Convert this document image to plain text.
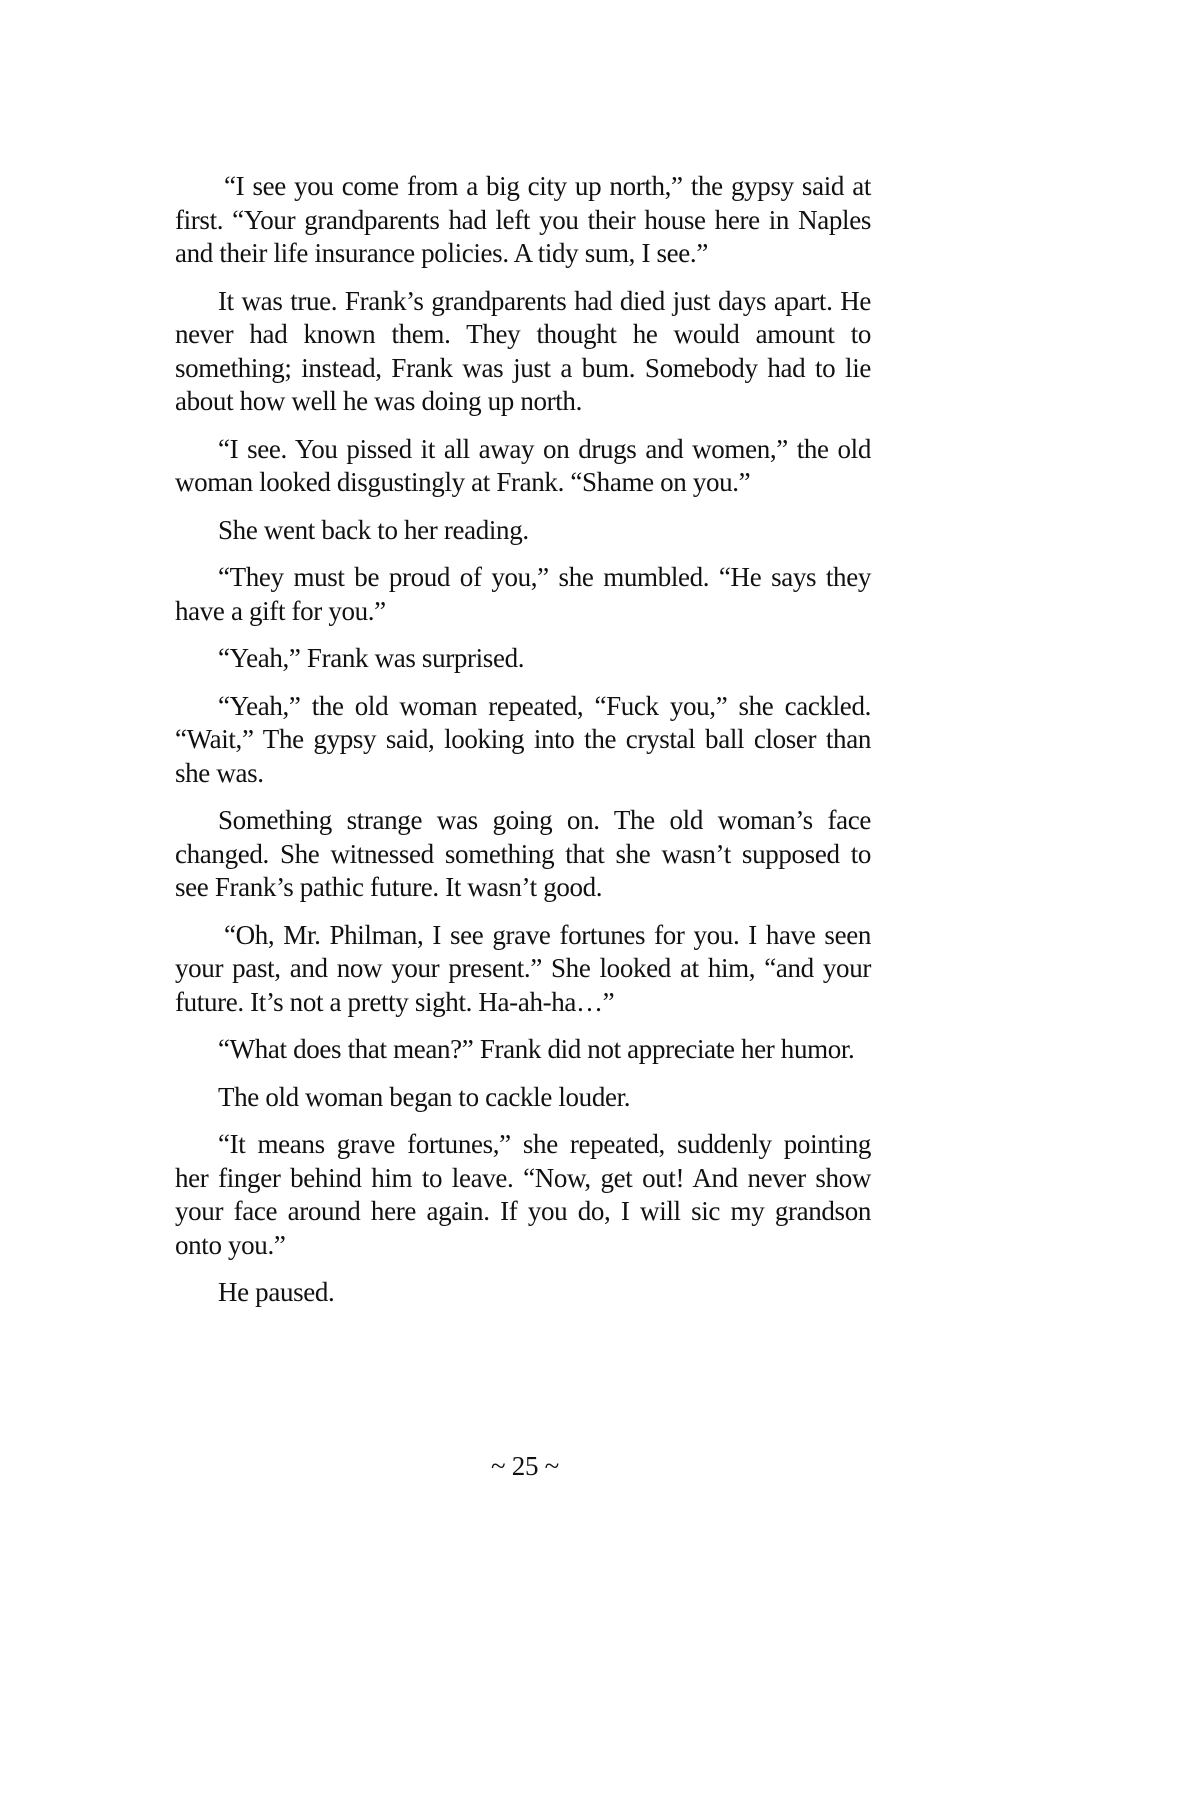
“I see you come from a big city up north,” the gypsy said at first. “Your grandparents had left you their house here in Naples and their life insurance policies. A tidy sum, I see.”

It was true. Frank’s grandparents had died just days apart. He never had known them. They thought he would amount to something; instead, Frank was just a bum. Somebody had to lie about how well he was doing up north.

“I see. You pissed it all away on drugs and women,” the old woman looked disgustingly at Frank. “Shame on you.”

She went back to her reading.

“They must be proud of you,” she mumbled. “He says they have a gift for you.”

“Yeah,” Frank was surprised.

“Yeah,” the old woman repeated, “Fuck you,” she cackled. “Wait,” The gypsy said, looking into the crystal ball closer than she was.

Something strange was going on. The old woman’s face changed. She witnessed something that she wasn’t supposed to see Frank’s pathic future. It wasn’t good.

“Oh, Mr. Philman, I see grave fortunes for you. I have seen your past, and now your present.” She looked at him, “and your future. It’s not a pretty sight. Ha-ah-ha…”

“What does that mean?” Frank did not appreciate her humor.

The old woman began to cackle louder.

“It means grave fortunes,” she repeated, suddenly pointing her finger behind him to leave. “Now, get out! And never show your face around here again. If you do, I will sic my grandson onto you.”

He paused.

~ 25 ~
